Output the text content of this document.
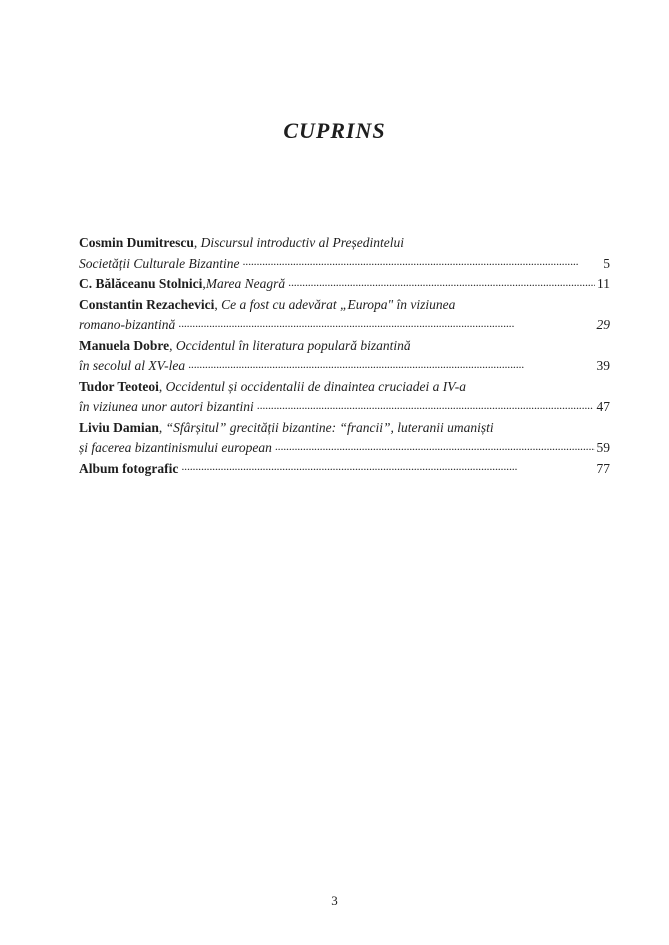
CUPRINS
Cosmin Dumitrescu, Discursul introductiv al Președintelui
Societății Culturale Bizantine . . .	5
C. Bălăceanu Stolnici , Marea Neagră . . .	11
Constantin Rezachevici, Ce a fost cu adevărat „Europa" în viziunea
romano-bizantină . . .	29
Manuela Dobre, Occidentul în literatura populară bizantină
în secolul al XV-lea . . .	39
Tudor Teoteoi, Occidentul și occidentalii de dinaintea cruciadei a IV-a
în viziunea unor autori bizantini . . .	47
Liviu Damian, “Sfârșitul” grecității bizantine: “francii”, luteranii umaniști
și facerea bizantinismului european . . .	59
Album fotografic . . .	77
3
